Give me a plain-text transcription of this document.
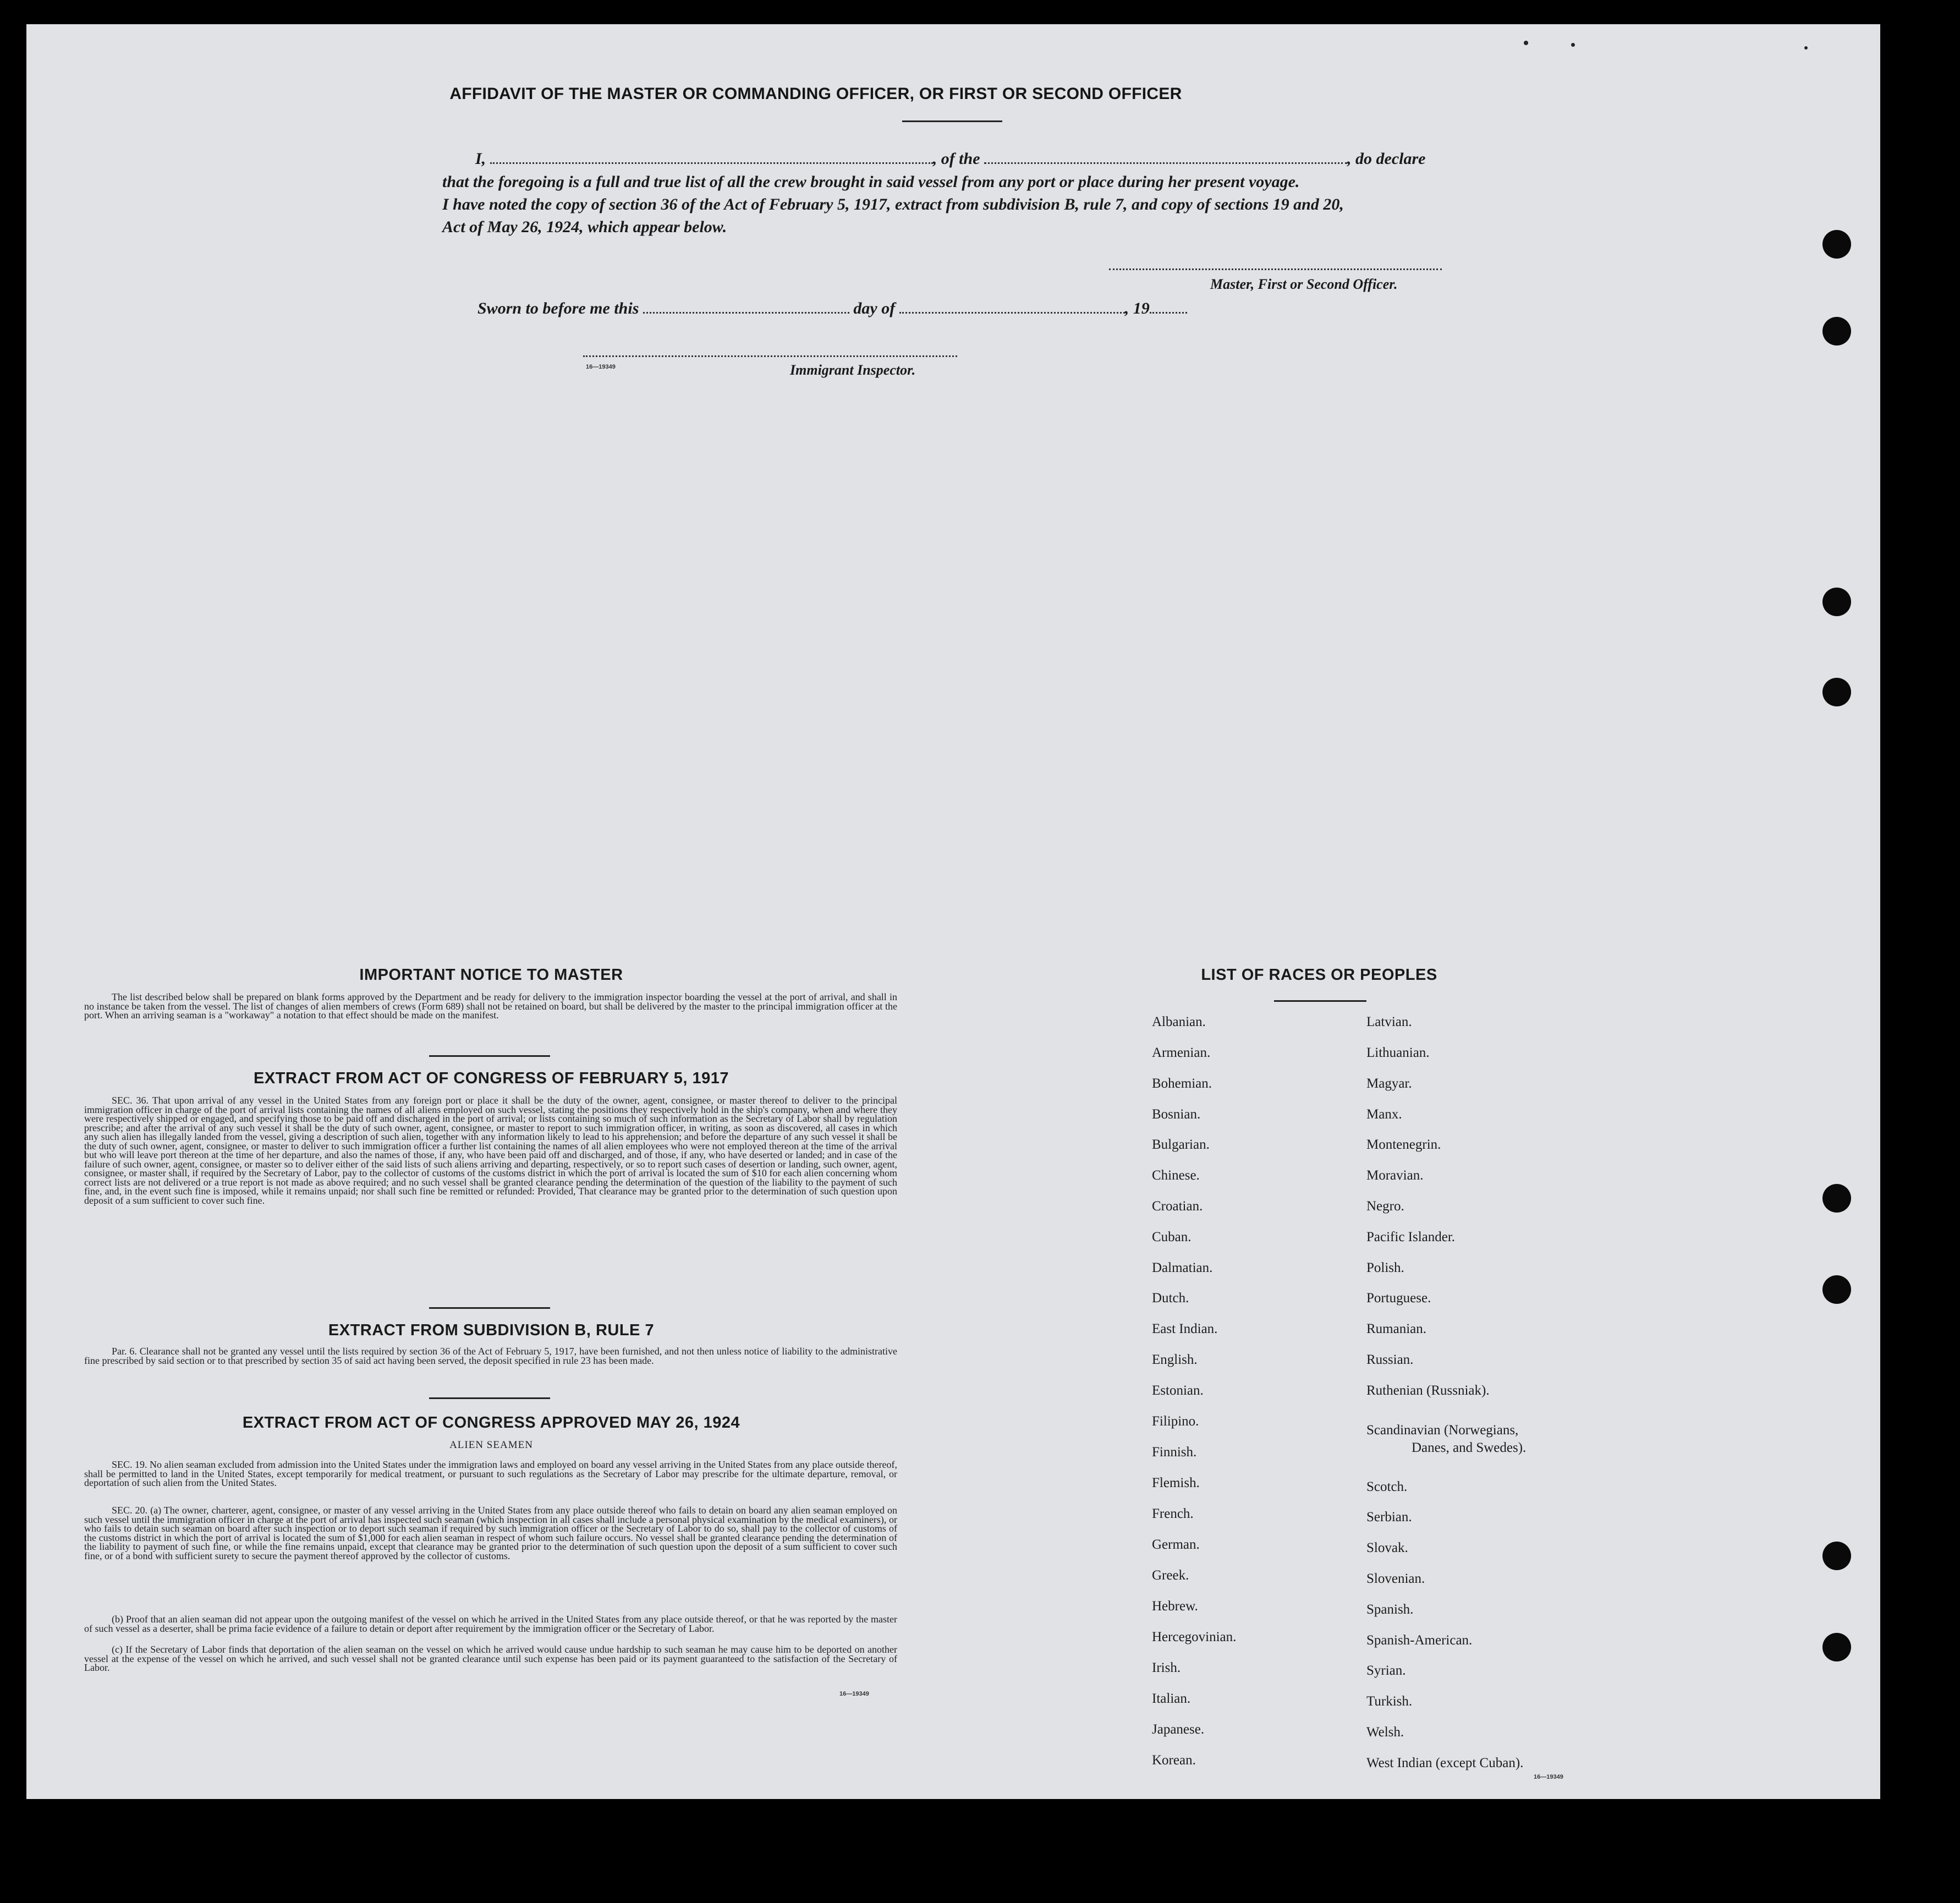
AFFIDAVIT OF THE MASTER OR COMMANDING OFFICER, OR FIRST OR SECOND OFFICER
I,	, of the	, do declare
that the foregoing is a full and true list of all the crew brought in said vessel from any port or place during her present voyage.
I have noted the copy of section 36 of the Act of February 5, 1917, extract from subdivision B, rule 7, and copy of sections 19 and 20,
Act of May 26, 1924, which appear below.
Master, First or Second Officer.
Sworn to before me this	day of	, 19
16—19349	Immigrant Inspector.
IMPORTANT NOTICE TO MASTER
The list described below shall be prepared on blank forms approved by the Department and be ready for delivery to the immigration inspector boarding the vessel at the port of arrival, and shall in no instance be taken from the vessel. The list of changes of alien members of crews (Form 689) shall not be retained on board, but shall be delivered by the master to the principal immigration officer at the port. When an arriving seaman is a "workaway" a notation to that effect should be made on the manifest.
EXTRACT FROM ACT OF CONGRESS OF FEBRUARY 5, 1917
SEC. 36. That upon arrival of any vessel in the United States from any foreign port or place it shall be the duty of the owner, agent, consignee, or master thereof to deliver to the principal immigration officer in charge of the port of arrival lists containing the names of all aliens employed on such vessel, stating the positions they respectively hold in the ship's company, when and where they were respectively shipped or engaged, and specifying those to be paid off and discharged in the port of arrival; or lists containing so much of such information as the Secretary of Labor shall by regulation prescribe; and after the arrival of any such vessel it shall be the duty of such owner, agent, consignee, or master to report to such immigration officer, in writing, as soon as discovered, all cases in which any such alien has illegally landed from the vessel, giving a description of such alien, together with any information likely to lead to his apprehension; and before the departure of any such vessel it shall be the duty of such owner, agent, consignee, or master to deliver to such immigration officer a further list containing the names of all alien employees who were not employed thereon at the time of the arrival but who will leave port thereon at the time of her departure, and also the names of those, if any, who have been paid off and discharged, and of those, if any, who have deserted or landed; and in case of the failure of such owner, agent, consignee, or master so to deliver either of the said lists of such aliens arriving and departing, respectively, or so to report such cases of desertion or landing, such owner, agent, consignee, or master shall, if required by the Secretary of Labor, pay to the collector of customs of the customs district in which the port of arrival is located the sum of $10 for each alien concerning whom correct lists are not delivered or a true report is not made as above required; and no such vessel shall be granted clearance pending the determination of the question of the liability to the payment of such fine, and, in the event such fine is imposed, while it remains unpaid; nor shall such fine be remitted or refunded: Provided, That clearance may be granted prior to the determination of such question upon deposit of a sum sufficient to cover such fine.
EXTRACT FROM SUBDIVISION B, RULE 7
Par. 6. Clearance shall not be granted any vessel until the lists required by section 36 of the Act of February 5, 1917, have been furnished, and not then unless notice of liability to the administrative fine prescribed by said section or to that prescribed by section 35 of said act having been served, the deposit specified in rule 23 has been made.
EXTRACT FROM ACT OF CONGRESS APPROVED MAY 26, 1924
ALIEN SEAMEN
SEC. 19. No alien seaman excluded from admission into the United States under the immigration laws and employed on board any vessel arriving in the United States from any place outside thereof, shall be permitted to land in the United States, except temporarily for medical treatment, or pursuant to such regulations as the Secretary of Labor may prescribe for the ultimate departure, removal, or deportation of such alien from the United States.
SEC. 20. (a) The owner, charterer, agent, consignee, or master of any vessel arriving in the United States from any place outside thereof who fails to detain on board any alien seaman employed on such vessel until the immigration officer in charge at the port of arrival has inspected such seaman (which inspection in all cases shall include a personal physical examination by the medical examiners), or who fails to detain such seaman on board after such inspection or to deport such seaman if required by such immigration officer or the Secretary of Labor to do so, shall pay to the collector of customs of the customs district in which the port of arrival is located the sum of $1,000 for each alien seaman in respect of whom such failure occurs. No vessel shall be granted clearance pending the determination of the liability to payment of such fine, or while the fine remains unpaid, except that clearance may be granted prior to the determination of such question upon the deposit of a sum sufficient to cover such fine, or of a bond with sufficient surety to secure the payment thereof approved by the collector of customs.
(b) Proof that an alien seaman did not appear upon the outgoing manifest of the vessel on which he arrived in the United States from any place outside thereof, or that he was reported by the master of such vessel as a deserter, shall be prima facie evidence of a failure to detain or deport after requirement by the immigration officer or the Secretary of Labor.
(c) If the Secretary of Labor finds that deportation of the alien seaman on the vessel on which he arrived would cause undue hardship to such seaman he may cause him to be deported on another vessel at the expense of the vessel on which he arrived, and such vessel shall not be granted clearance until such expense has been paid or its payment guaranteed to the satisfaction of the Secretary of Labor.
16—19349
LIST OF RACES OR PEOPLES
16—19349
Albanian.
Armenian.
Bohemian.
Bosnian.
Bulgarian.
Chinese.
Croatian.
Cuban.
Dalmatian.
Dutch.
East Indian.
English.
Estonian.
Filipino.
Finnish.
Flemish.
French.
German.
Greek.
Hebrew.
Hercegovinian.
Irish.
Italian.
Japanese.
Korean.
Latvian.
Lithuanian.
Magyar.
Manx.
Montenegrin.
Moravian.
Negro.
Pacific Islander.
Polish.
Portuguese.
Rumanian.
Russian.
Ruthenian (Russniak).
Scandinavian (Norwegians,
Danes, and Swedes).
Scotch.
Serbian.
Slovak.
Slovenian.
Spanish.
Spanish-American.
Syrian.
Turkish.
Welsh.
West Indian (except Cuban).
